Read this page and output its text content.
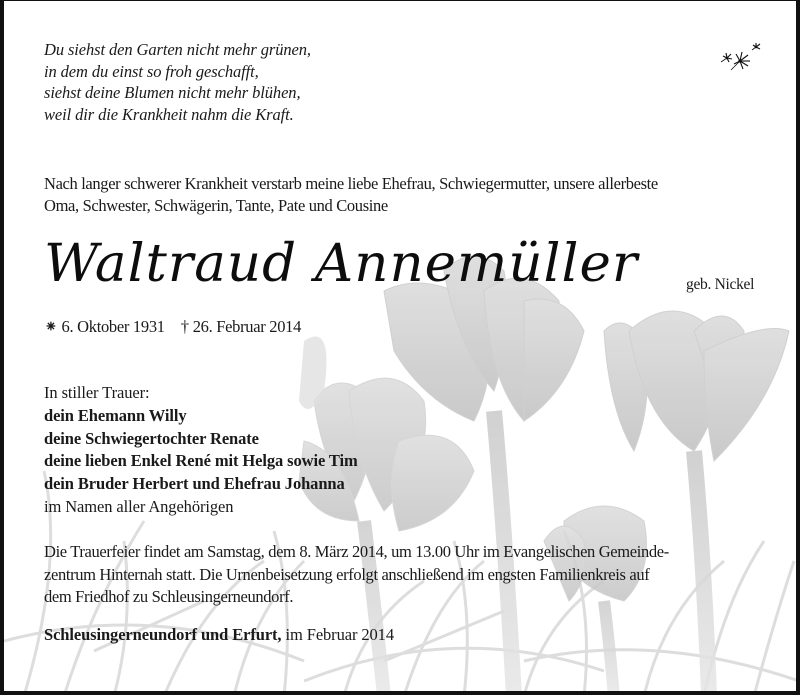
Du siehst den Garten nicht mehr grünen,
in dem du einst so froh geschafft,
siehst deine Blumen nicht mehr blühen,
weil dir die Krankheit nahm die Kraft.
Nach langer schwerer Krankheit verstarb meine liebe Ehefrau, Schwiegermutter, unsere allerbeste
Oma, Schwester, Schwägerin, Tante, Pate und Cousine
Waltraud Annemüller	geb. Nickel
⁕ 6. Oktober 1931 † 26. Februar 2014
In stiller Trauer:
dein Ehemann Willy
deine Schwiegertochter Renate
deine lieben Enkel René mit Helga sowie Tim
dein Bruder Herbert und Ehefrau Johanna
im Namen aller Angehörigen
Die Trauerfeier findet am Samstag, dem 8. März 2014, um 13.00 Uhr im Evangelischen Gemeinde-
zentrum Hinternah statt. Die Urnenbeisetzung erfolgt anschließend im engsten Familienkreis auf
dem Friedhof zu Schleusingerneundorf.
Schleusingerneundorf und Erfurt, im Februar 2014
